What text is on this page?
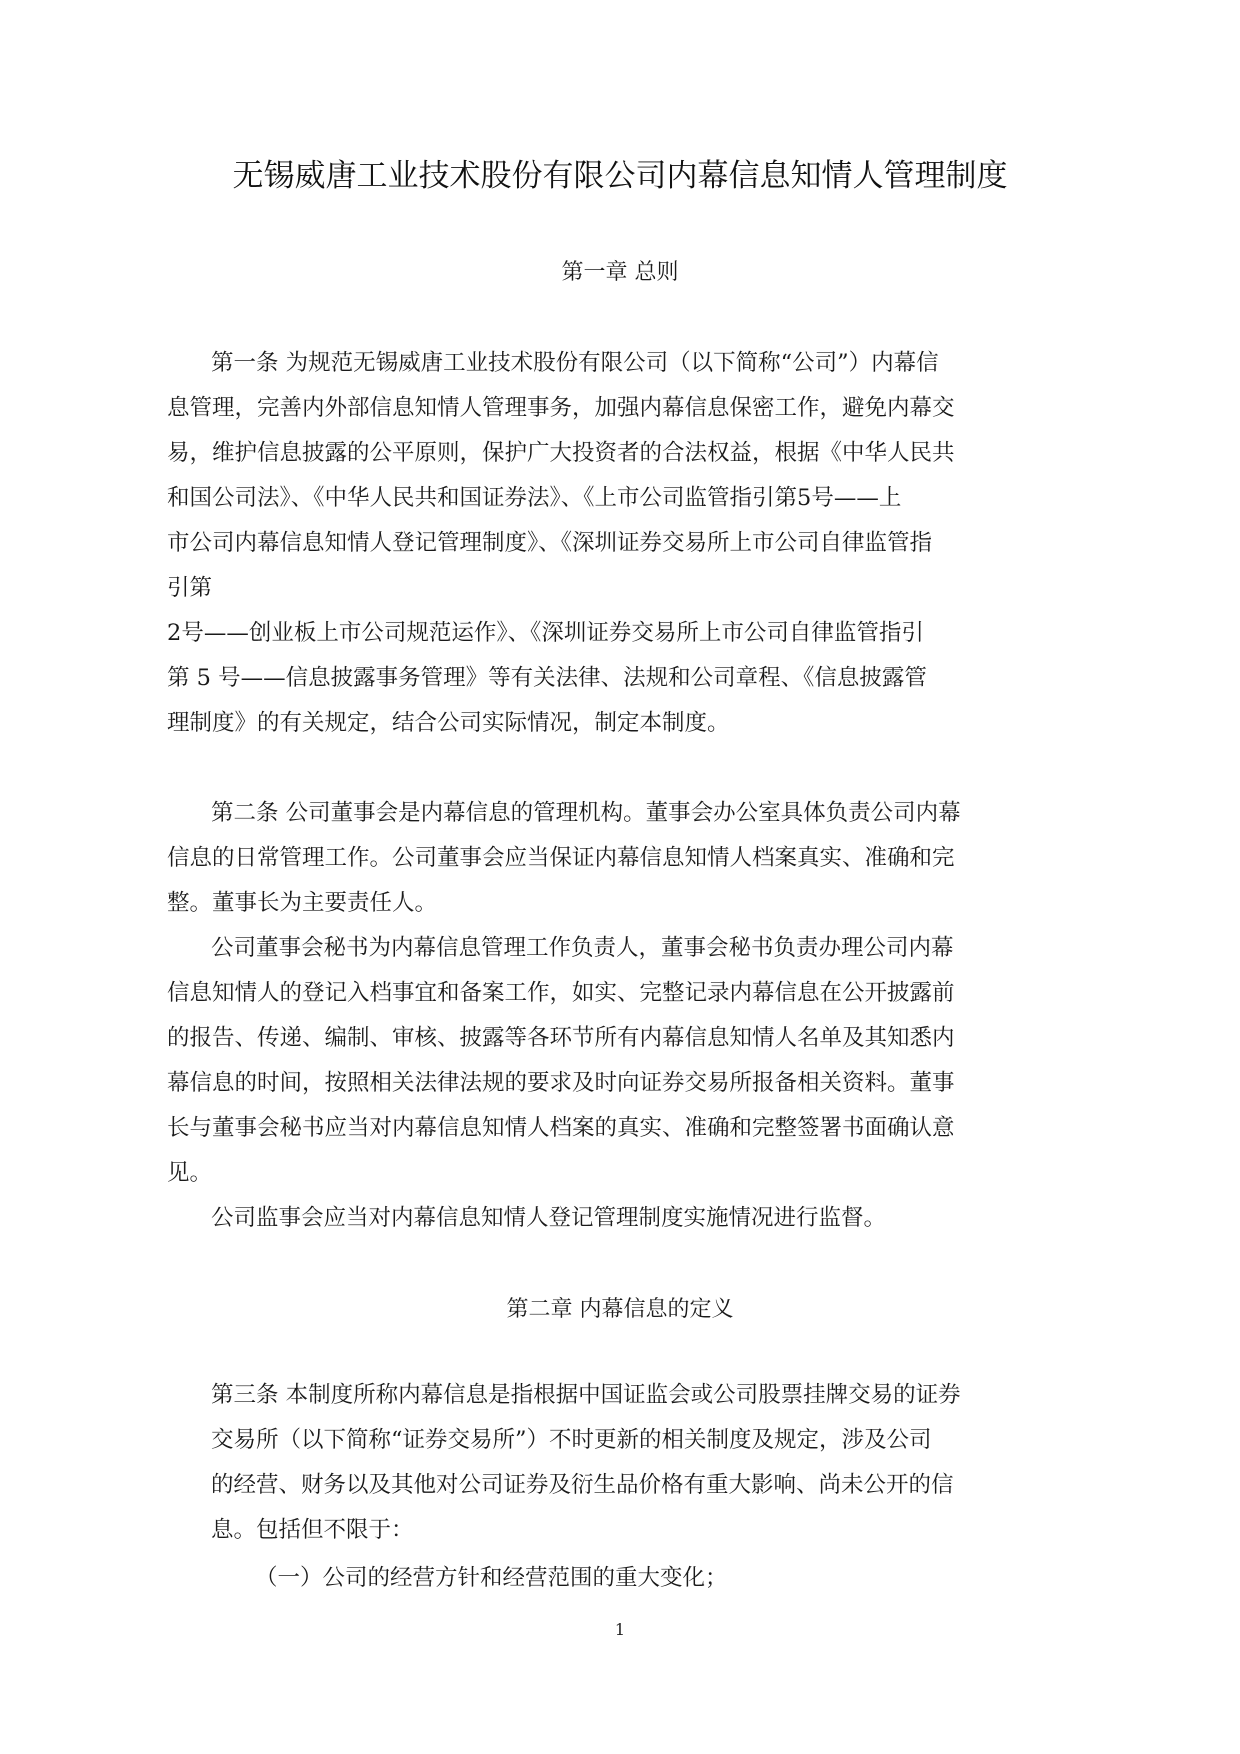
无锡威唐工业技术股份有限公司内幕信息知情人管理制度
第一章 总则
第一条 为规范无锡威唐工业技术股份有限公司（以下简称“公司”）内幕信
息管理，完善内外部信息知情人管理事务，加强内幕信息保密工作，避免内幕交
易，维护信息披露的公平原则，保护广大投资者的合法权益，根据《中华人民共
和国公司法》、《中华人民共和国证券法》、《上市公司监管指引第5号——上
市公司内幕信息知情人登记管理制度》、《深圳证券交易所上市公司自律监管指
引第
2号——创业板上市公司规范运作》、《深圳证券交易所上市公司自律监管指引
第 5 号——信息披露事务管理》等有关法律、法规和公司章程、《信息披露管
理制度》的有关规定，结合公司实际情况，制定本制度。
第二条 公司董事会是内幕信息的管理机构。董事会办公室具体负责公司内幕
信息的日常管理工作。公司董事会应当保证内幕信息知情人档案真实、准确和完
整。董事长为主要责任人。
公司董事会秘书为内幕信息管理工作负责人，董事会秘书负责办理公司内幕
信息知情人的登记入档事宜和备案工作，如实、完整记录内幕信息在公开披露前
的报告、传递、编制、审核、披露等各环节所有内幕信息知情人名单及其知悉内
幕信息的时间，按照相关法律法规的要求及时向证券交易所报备相关资料。董事
长与董事会秘书应当对内幕信息知情人档案的真实、准确和完整签署书面确认意
见。
公司监事会应当对内幕信息知情人登记管理制度实施情况进行监督。
第二章 内幕信息的定义
第三条 本制度所称内幕信息是指根据中国证监会或公司股票挂牌交易的证券
交易所（以下简称“证券交易所”）不时更新的相关制度及规定，涉及公司
的经营、财务以及其他对公司证券及衍生品价格有重大影响、尚未公开的信
息。包括但不限于：
（一）公司的经营方针和经营范围的重大变化；
1
